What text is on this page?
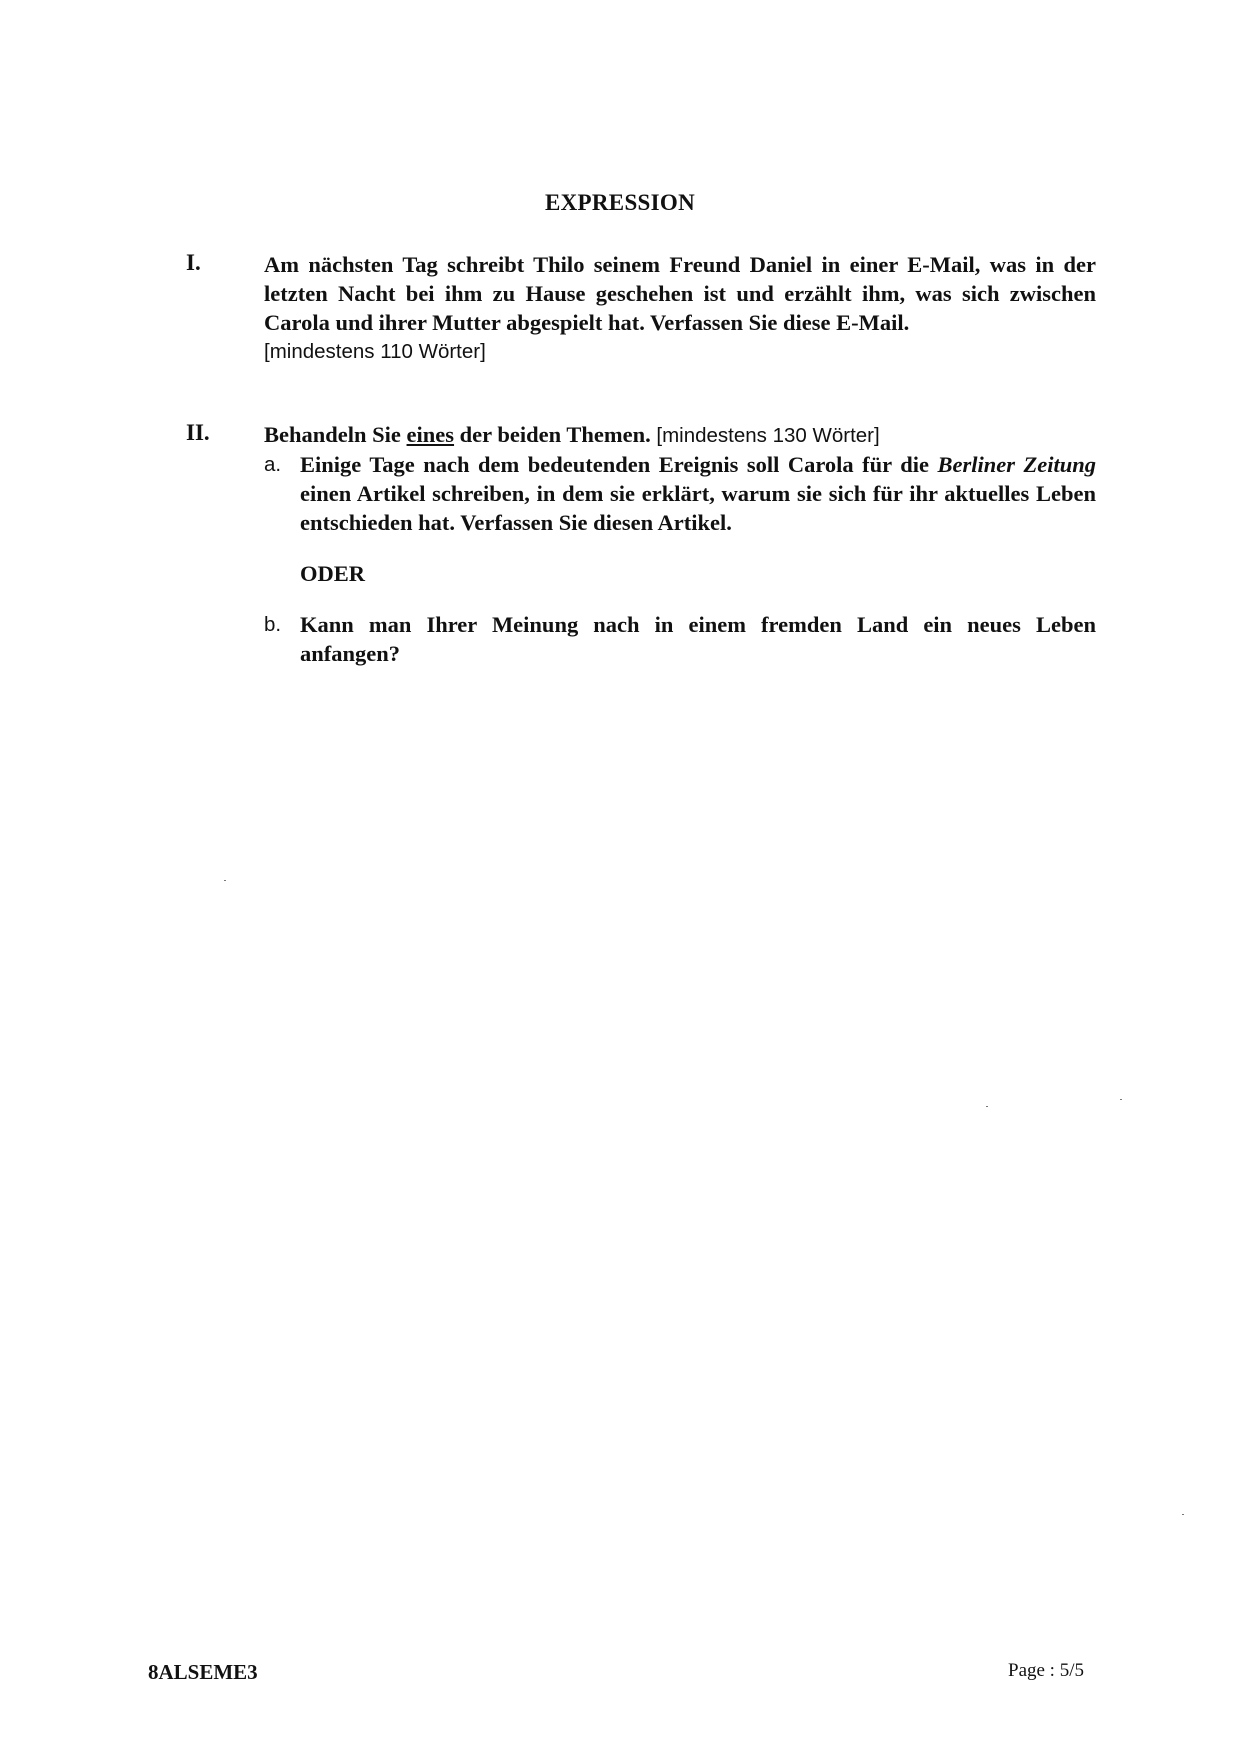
EXPRESSION
I.	Am nächsten Tag schreibt Thilo seinem Freund Daniel in einer E-Mail, was in der letzten Nacht bei ihm zu Hause geschehen ist und erzählt ihm, was sich zwischen Carola und ihrer Mutter abgespielt hat. Verfassen Sie diese E-Mail.
[mindestens 110 Wörter]
II. Behandeln Sie eines der beiden Themen. [mindestens 130 Wörter]
a. Einige Tage nach dem bedeutenden Ereignis soll Carola für die Berliner Zeitung einen Artikel schreiben, in dem sie erklärt, warum sie sich für ihr aktuelles Leben entschieden hat. Verfassen Sie diesen Artikel.
ODER
b. Kann man Ihrer Meinung nach in einem fremden Land ein neues Leben anfangen?
8ALSEME3	Page : 5/5
